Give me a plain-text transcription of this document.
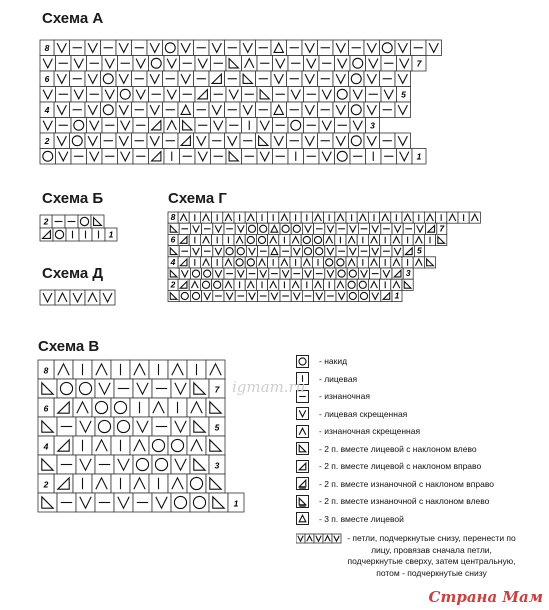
Схема А
8
7
6
5
4
3
2
1
Схема Б
2
1
Схема Д
Схема Г
8
7
6
5
4
3
2
1
Схема В
8
7
6
5
4
3
2
1
- накид
- лицевая
- изнаночная
- лицевая скрещенная
- изнаночная скрещенная
- 2 п. вместе лицевой с наклоном влево
- 2 п. вместе лицевой с наклоном вправо
- 2 п. вместе изнаночной с наклоном вправо
- 2 п. вместе изнаночной с наклоном влево
- 3 п. вместе лицевой
- петли, подчеркнутые снизу, перенести по лицу, провязав сначала петли, подчеркнутые сверху, затем центральную, потом - подчеркнутые снизу
igmam.ru
Страна Мам
